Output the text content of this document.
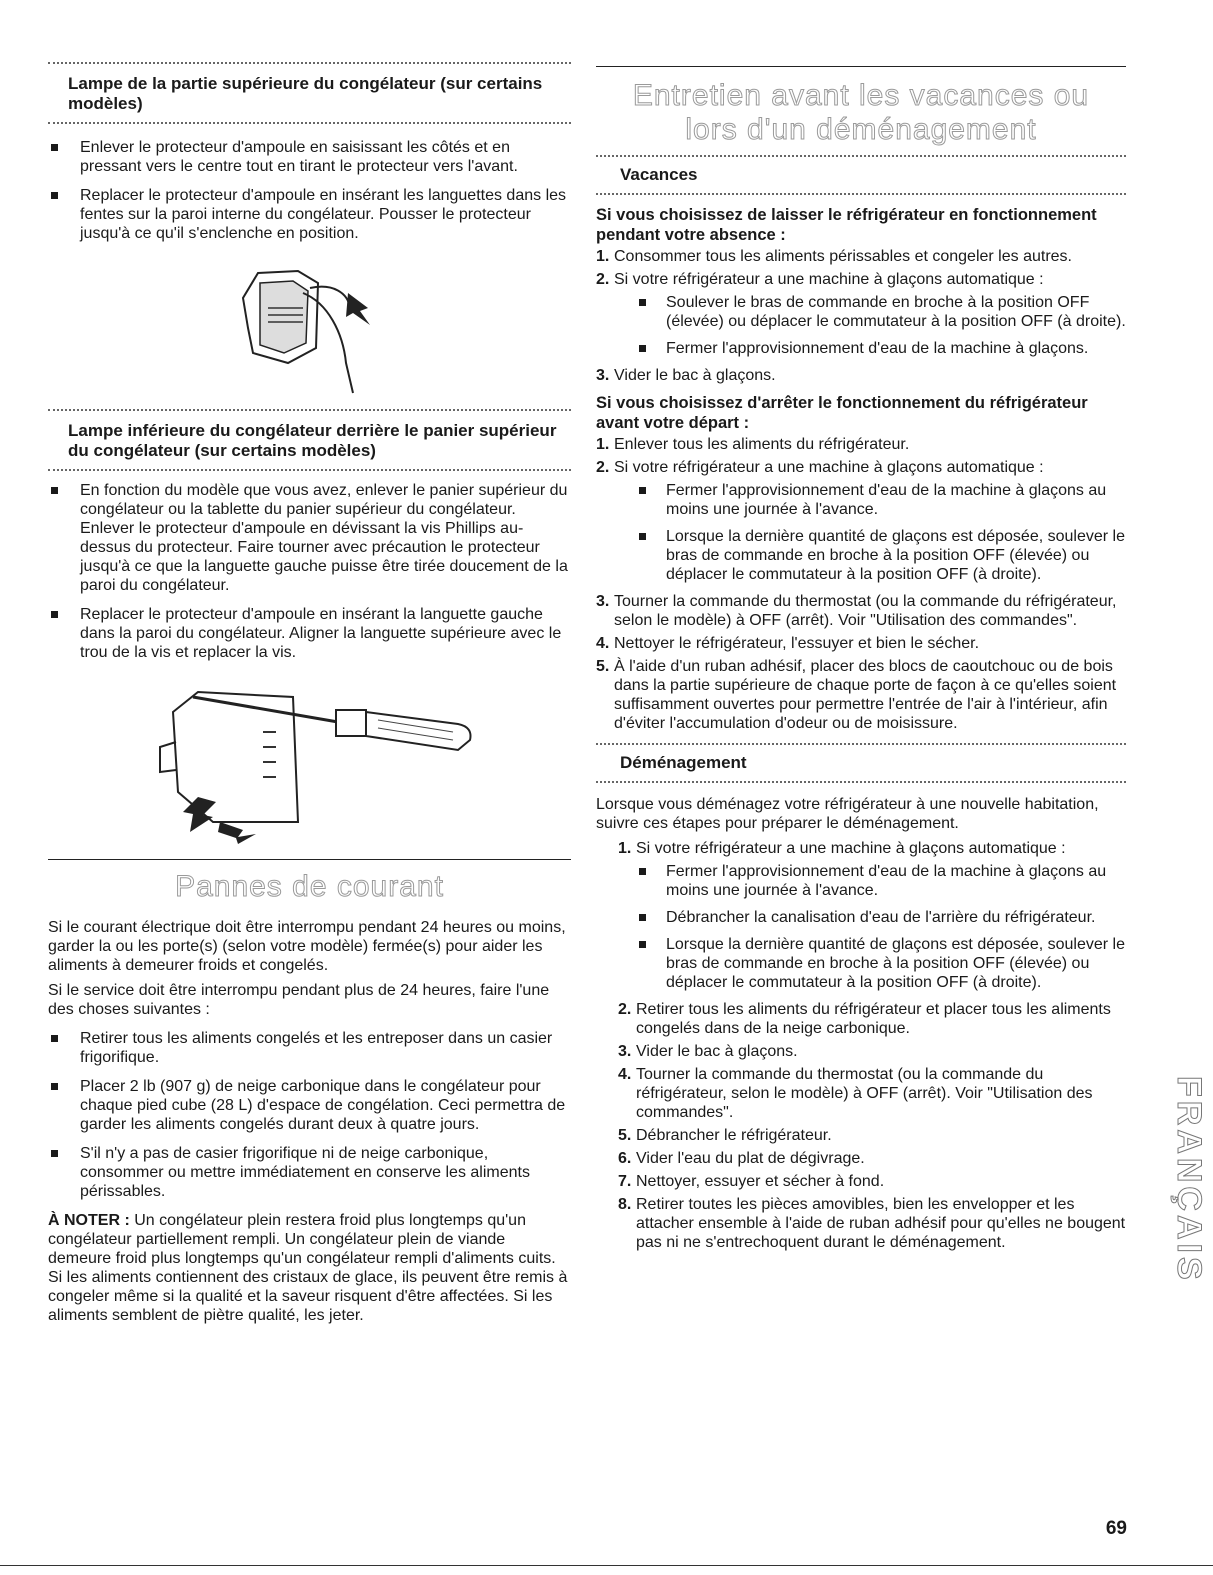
Lampe de la partie supérieure du congélateur (sur certains modèles)
Enlever le protecteur d'ampoule en saisissant les côtés et en pressant vers le centre tout en tirant le protecteur vers l'avant.
Replacer le protecteur d'ampoule en insérant les languettes dans les fentes sur la paroi interne du congélateur. Pousser le protecteur jusqu'à ce qu'il s'enclenche en position.
Lampe inférieure du congélateur derrière le panier supérieur du congélateur (sur certains modèles)
En fonction du modèle que vous avez, enlever le panier supérieur du congélateur ou la tablette du panier supérieur du congélateur. Enlever le protecteur d'ampoule en dévissant la vis Phillips au-dessus du protecteur. Faire tourner avec précaution le protecteur jusqu'à ce que la languette gauche puisse être tirée doucement de la paroi du congélateur.
Replacer le protecteur d'ampoule en insérant la languette gauche dans la paroi du congélateur. Aligner la languette supérieure avec le trou de la vis et replacer la vis.
Pannes de courant

Si le courant électrique doit être interrompu pendant 24 heures ou moins, garder la ou les porte(s) (selon votre modèle) fermée(s) pour aider les aliments à demeurer froids et congelés.

Si le service doit être interrompu pendant plus de 24 heures, faire l'une des choses suivantes :

Retirer tous les aliments congelés et les entreposer dans un casier frigorifique.
Placer 2 lb (907 g) de neige carbonique dans le congélateur pour chaque pied cube (28 L) d'espace de congélation. Ceci permettra de garder les aliments congelés durant deux à quatre jours.
S'il n'y a pas de casier frigorifique ni de neige carbonique, consommer ou mettre immédiatement en conserve les aliments périssables.

À NOTER : Un congélateur plein restera froid plus longtemps qu'un congélateur partiellement rempli. Un congélateur plein de viande demeure froid plus longtemps qu'un congélateur rempli d'aliments cuits. Si les aliments contiennent des cristaux de glace, ils peuvent être remis à congeler même si la qualité et la saveur risquent d'être affectées. Si les aliments semblent de piètre qualité, les jeter.

Entretien avant les vacances ou lors d'un déménagement
Vacances
Si vous choisissez de laisser le réfrigérateur en fonctionnement pendant votre absence :
1. Consommer tous les aliments périssables et congeler les autres.
2. Si votre réfrigérateur a une machine à glaçons automatique :
Soulever le bras de commande en broche à la position OFF (élevée) ou déplacer le commutateur à la position OFF (à droite).
Fermer l'approvisionnement d'eau de la machine à glaçons.
3. Vider le bac à glaçons.
Si vous choisissez d'arrêter le fonctionnement du réfrigérateur avant votre départ :
1. Enlever tous les aliments du réfrigérateur.
2. Si votre réfrigérateur a une machine à glaçons automatique :
Fermer l'approvisionnement d'eau de la machine à glaçons au moins une journée à l'avance.
Lorsque la dernière quantité de glaçons est déposée, soulever le bras de commande en broche à la position OFF (élevée) ou déplacer le commutateur à la position OFF (à droite).
3. Tourner la commande du thermostat (ou la commande du réfrigérateur, selon le modèle) à OFF (arrêt). Voir "Utilisation des commandes".
4. Nettoyer le réfrigérateur, l'essuyer et bien le sécher.
5. À l'aide d'un ruban adhésif, placer des blocs de caoutchouc ou de bois dans la partie supérieure de chaque porte de façon à ce qu'elles soient suffisamment ouvertes pour permettre l'entrée de l'air à l'intérieur, afin d'éviter l'accumulation d'odeur ou de moisissure.
Déménagement

Lorsque vous déménagez votre réfrigérateur à une nouvelle habitation, suivre ces étapes pour préparer le déménagement.

1. Si votre réfrigérateur a une machine à glaçons automatique :
Fermer l'approvisionnement d'eau de la machine à glaçons au moins une journée à l'avance.
Débrancher la canalisation d'eau de l'arrière du réfrigérateur.
Lorsque la dernière quantité de glaçons est déposée, soulever le bras de commande en broche à la position OFF (élevée) ou déplacer le commutateur à la position OFF (à droite).
2. Retirer tous les aliments du réfrigérateur et placer tous les aliments congelés dans de la neige carbonique.
3. Vider le bac à glaçons.
4. Tourner la commande du thermostat (ou la commande du réfrigérateur, selon le modèle) à OFF (arrêt). Voir "Utilisation des commandes".
5. Débrancher le réfrigérateur.
6. Vider l'eau du plat de dégivrage.
7. Nettoyer, essuyer et sécher à fond.
8. Retirer toutes les pièces amovibles, bien les envelopper et les attacher ensemble à l'aide de ruban adhésif pour qu'elles ne bougent pas ni ne s'entrechoquent durant le déménagement.	FRANÇAIS
69
